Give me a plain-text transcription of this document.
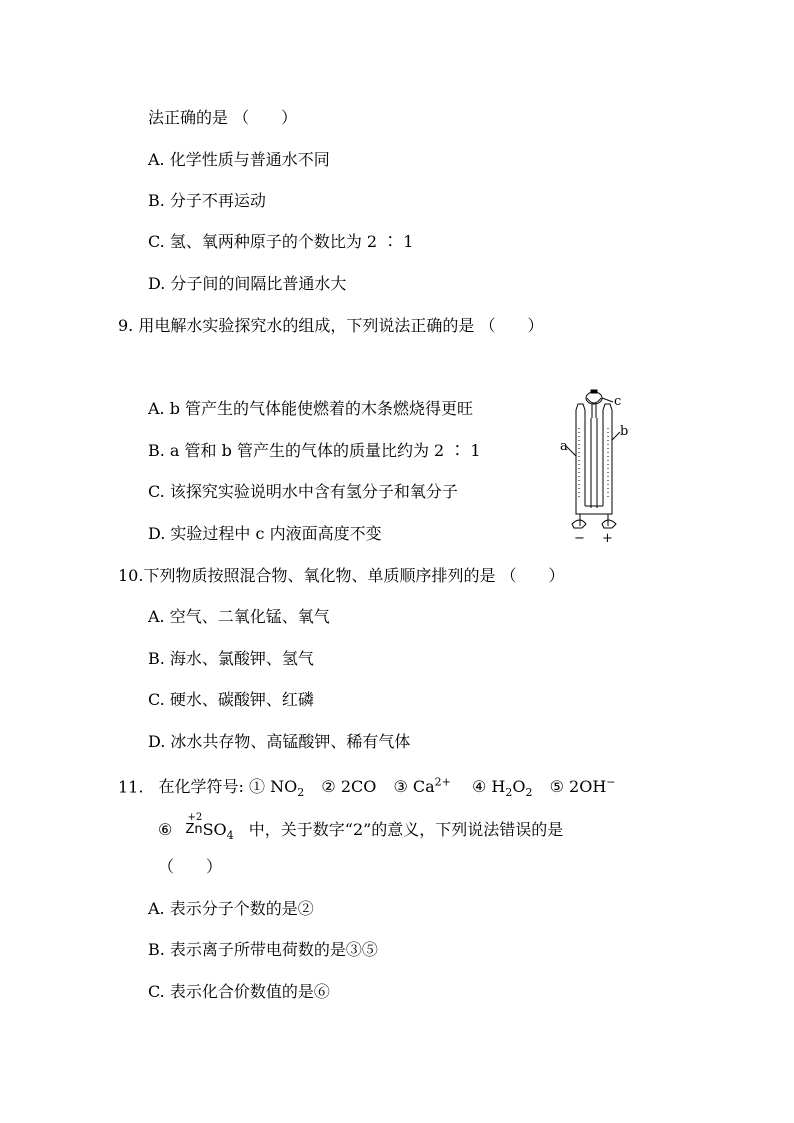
法正确的是 （　　）
A. 化学性质与普通水不同
B. 分子不再运动
C. 氢、氧两种原子的个数比为 2 ∶ 1
D. 分子间的间隔比普通水大
9. 用电解水实验探究水的组成，下列说法正确的是 （　　）
A. b 管产生的气体能使燃着的木条燃烧得更旺
B. a 管和 b 管产生的气体的质量比约为 2 ∶ 1
C. 该探究实验说明水中含有氢分子和氧分子
D. 实验过程中 c 内液面高度不变
a
b
c
− +
10.下列物质按照混合物、氧化物、单质顺序排列的是 （　　）
A. 空气、二氧化锰、氧气
B. 海水、氯酸钾、氢气
C. 硬水、碳酸钾、红磷
D. 冰水共存物、高锰酸钾、稀有气体
11. 在化学符号: ① $NO_2$ ② 2CO ③ $Ca^{2+}$ ④ $H_2O_2$ ⑤ 2OH−
⑥
+2
ZnSO$_4$ 中，关于数字“2”的意义，下列说法错误的是
（　　）
A. 表示分子个数的是②
B. 表示离子所带电荷数的是③⑤
C. 表示化合价数值的是⑥
